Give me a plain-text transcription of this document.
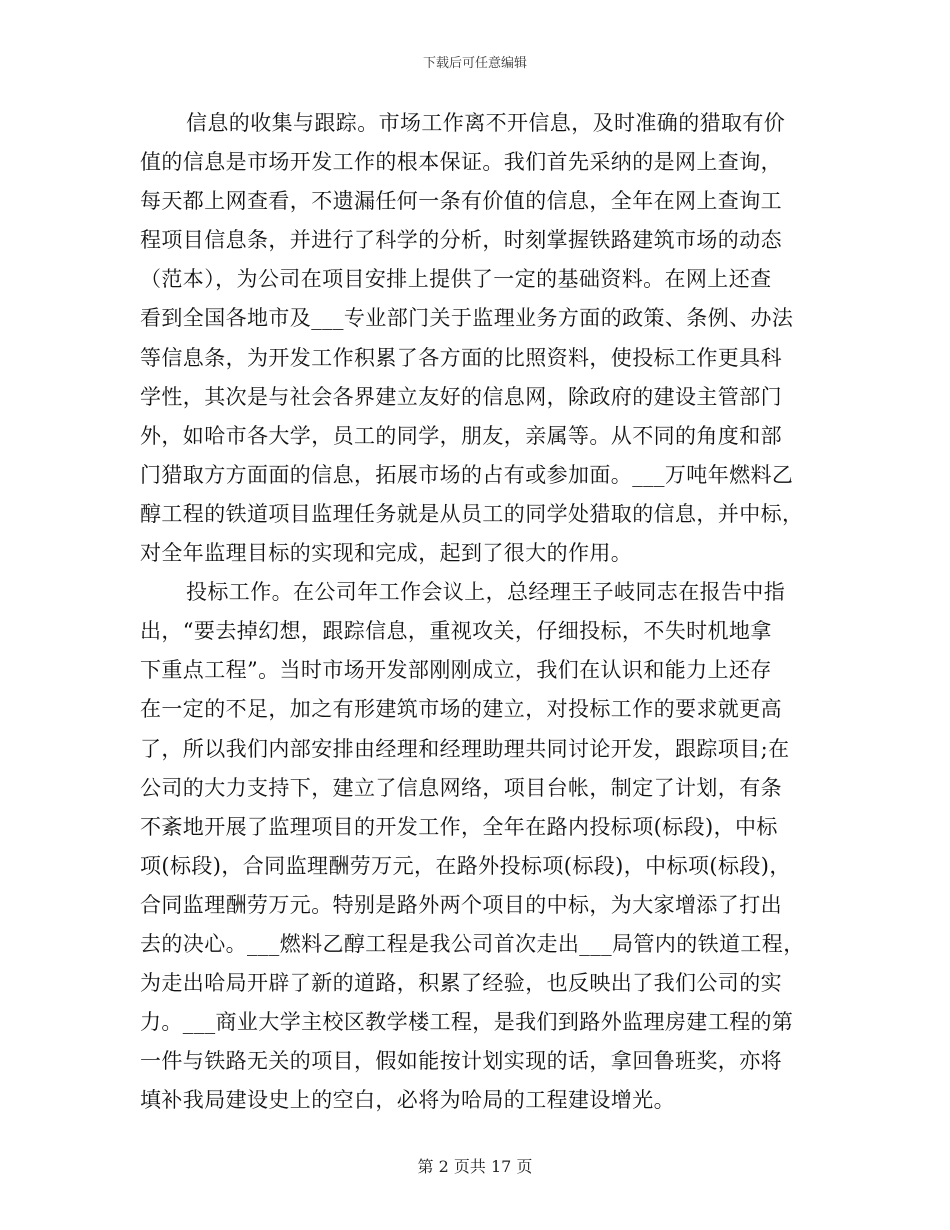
下载后可任意编辑
信息的收集与跟踪。市场工作离不开信息，及时准确的猎取有价
值的信息是市场开发工作的根本保证。我们首先采纳的是网上查询，
每天都上网查看，不遗漏任何一条有价值的信息，全年在网上查询工
程项目信息条，并进行了科学的分析，时刻掌握铁路建筑市场的动态
（范本），为公司在项目安排上提供了一定的基础资料。在网上还查
看到全国各地市及___专业部门关于监理业务方面的政策、条例、办法
等信息条，为开发工作积累了各方面的比照资料，使投标工作更具科
学性，其次是与社会各界建立友好的信息网，除政府的建设主管部门
外，如哈市各大学，员工的同学，朋友，亲属等。从不同的角度和部
门猎取方方面面的信息，拓展市场的占有或参加面。___万吨年燃料乙
醇工程的铁道项目监理任务就是从员工的同学处猎取的信息，并中标，
对全年监理目标的实现和完成，起到了很大的作用。
投标工作。在公司年工作会议上，总经理王子岐同志在报告中指
出，“要去掉幻想，跟踪信息，重视攻关，仔细投标，不失时机地拿
下重点工程”。当时市场开发部刚刚成立，我们在认识和能力上还存
在一定的不足，加之有形建筑市场的建立，对投标工作的要求就更高
了，所以我们内部安排由经理和经理助理共同讨论开发，跟踪项目;在
公司的大力支持下，建立了信息网络，项目台帐，制定了计划，有条
不紊地开展了监理项目的开发工作，全年在路内投标项(标段)，中标
项(标段)，合同监理酬劳万元，在路外投标项(标段)，中标项(标段)，
合同监理酬劳万元。特别是路外两个项目的中标，为大家增添了打出
去的决心。___燃料乙醇工程是我公司首次走出___局管内的铁道工程，
为走出哈局开辟了新的道路，积累了经验，也反映出了我们公司的实
力。___商业大学主校区教学楼工程，是我们到路外监理房建工程的第
一件与铁路无关的项目，假如能按计划实现的话，拿回鲁班奖，亦将
填补我局建设史上的空白，必将为哈局的工程建设增光。
第 2 页共 17 页
